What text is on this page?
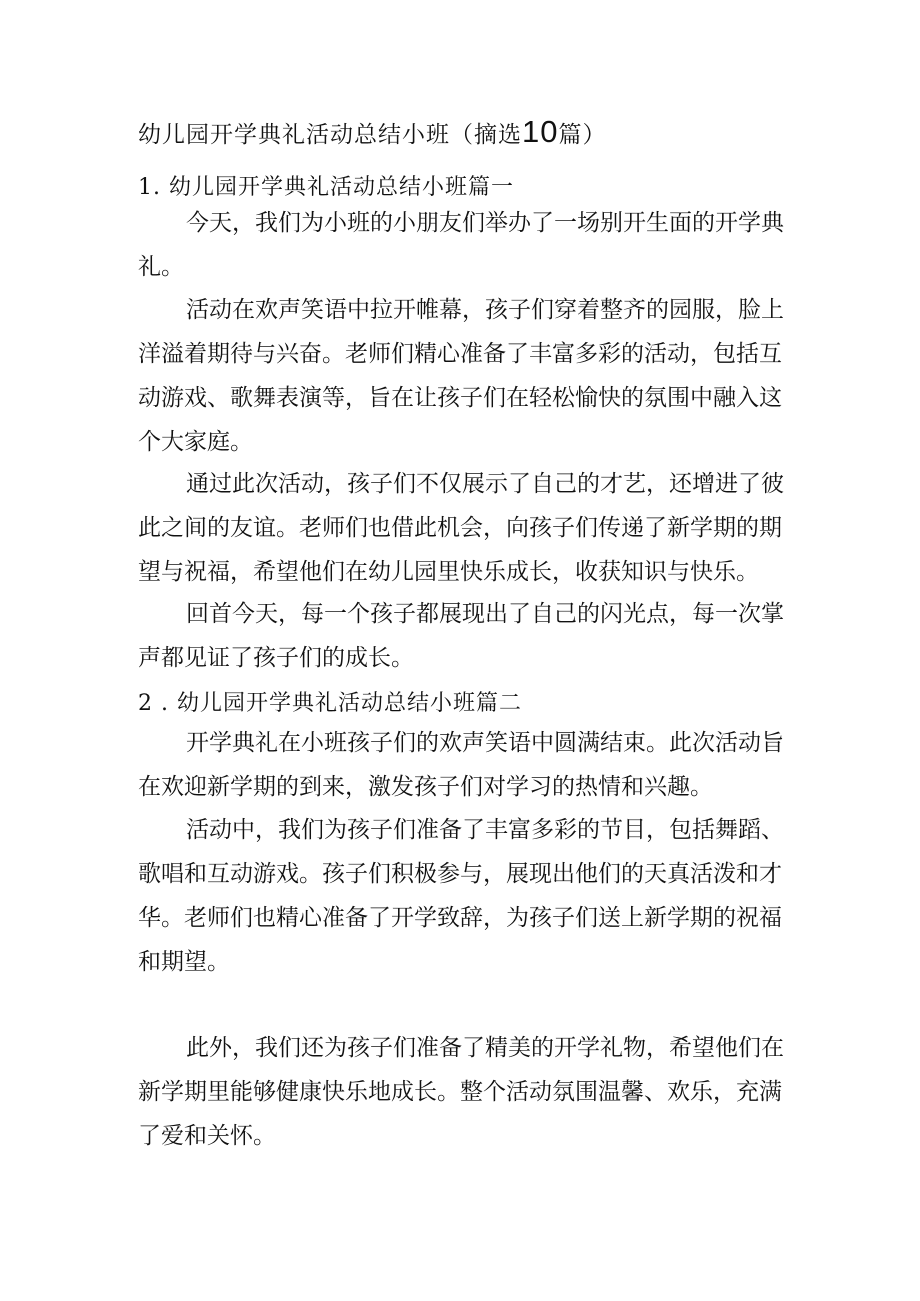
幼儿园开学典礼活动总结小班（摘选10篇）
1. 幼儿园开学典礼活动总结小班篇一
今天，我们为小班的小朋友们举办了一场别开生面的开学典
礼。
活动在欢声笑语中拉开帷幕，孩子们穿着整齐的园服，脸上
洋溢着期待与兴奋。老师们精心准备了丰富多彩的活动，包括互
动游戏、歌舞表演等，旨在让孩子们在轻松愉快的氛围中融入这
个大家庭。
通过此次活动，孩子们不仅展示了自己的才艺，还增进了彼
此之间的友谊。老师们也借此机会，向孩子们传递了新学期的期
望与祝福，希望他们在幼儿园里快乐成长，收获知识与快乐。
回首今天，每一个孩子都展现出了自己的闪光点，每一次掌
声都见证了孩子们的成长。
2 . 幼儿园开学典礼活动总结小班篇二
开学典礼在小班孩子们的欢声笑语中圆满结束。此次活动旨
在欢迎新学期的到来，激发孩子们对学习的热情和兴趣。
活动中，我们为孩子们准备了丰富多彩的节目，包括舞蹈、
歌唱和互动游戏。孩子们积极参与，展现出他们的天真活泼和才
华。老师们也精心准备了开学致辞，为孩子们送上新学期的祝福
和期望。
此外，我们还为孩子们准备了精美的开学礼物，希望他们在
新学期里能够健康快乐地成长。整个活动氛围温馨、欢乐，充满
了爱和关怀。
